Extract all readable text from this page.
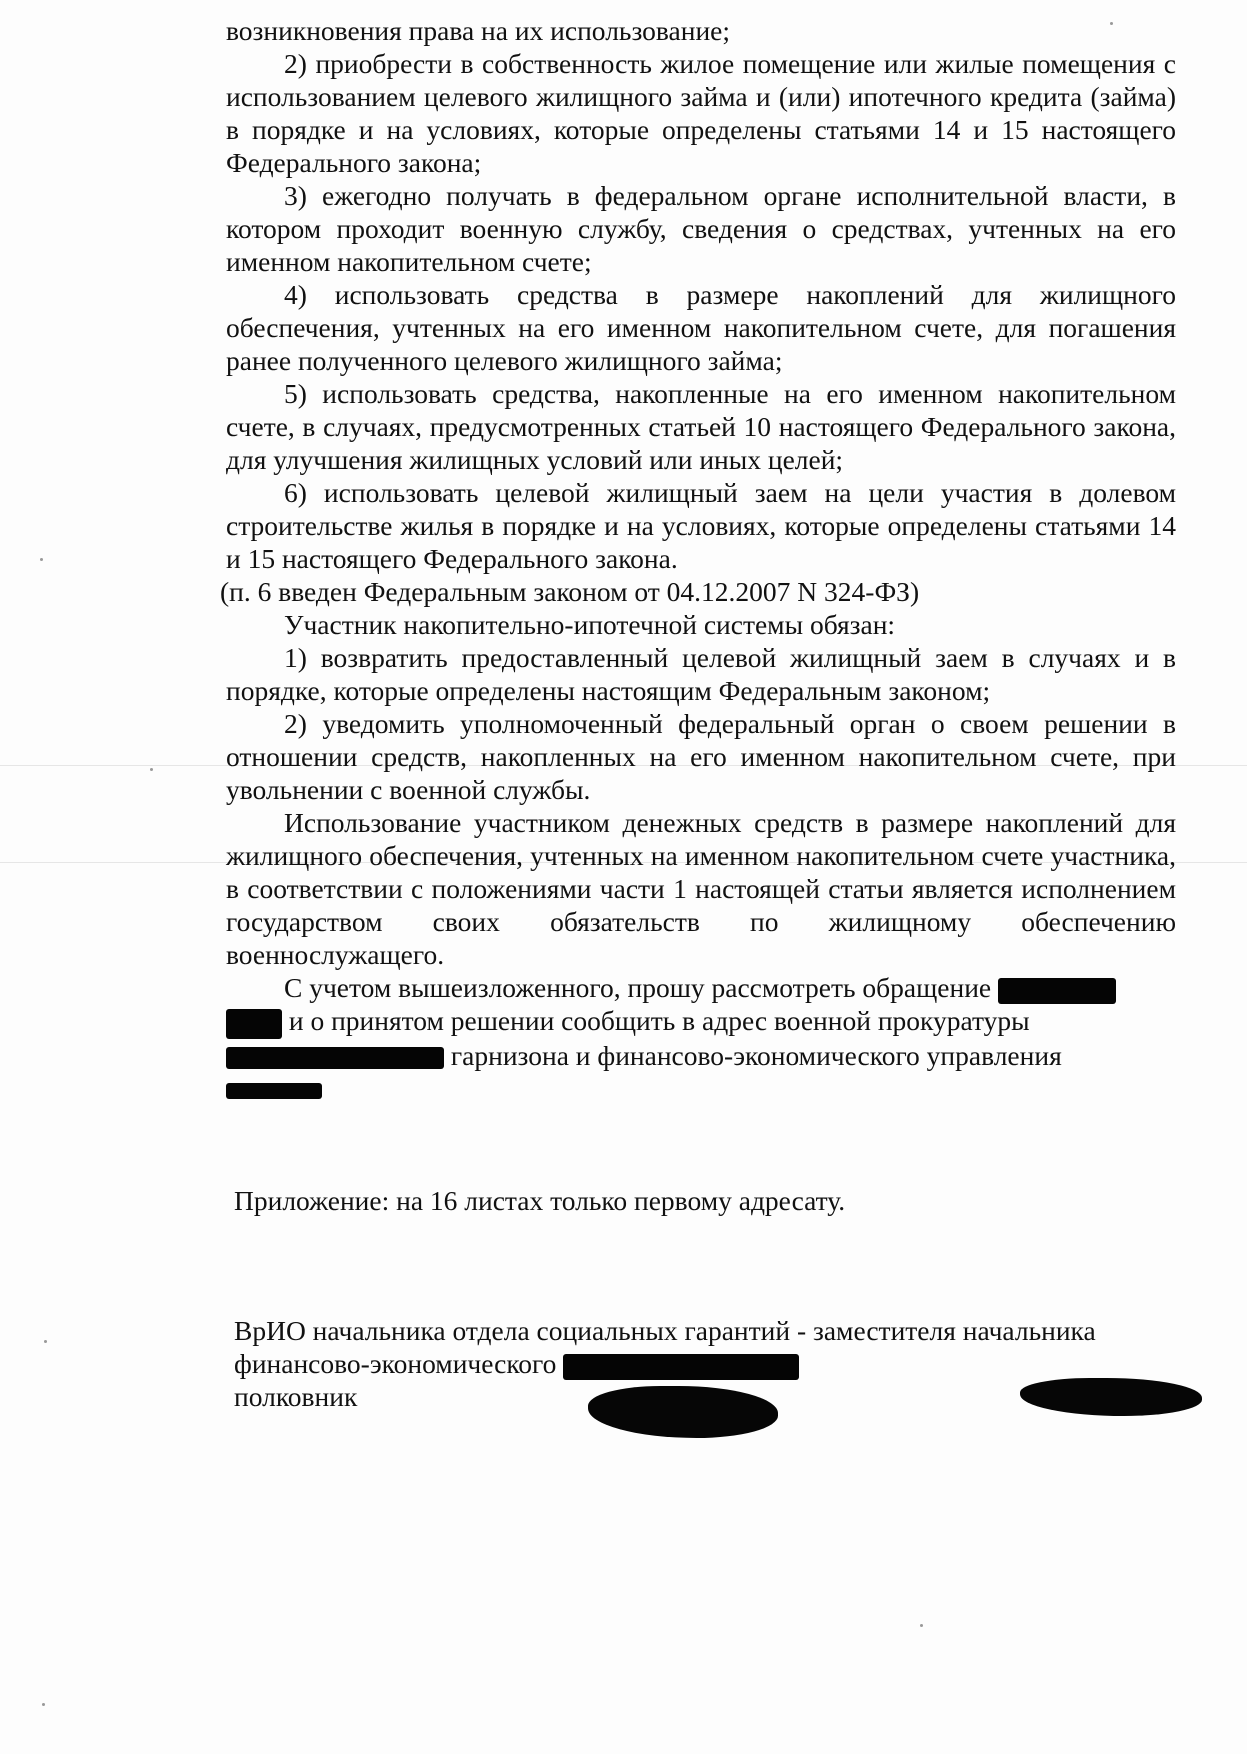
возникновения права на их использование;

2) приобрести в собственность жилое помещение или жилые помещения с использованием целевого жилищного займа и (или) ипотечного кредита (займа) в порядке и на условиях, которые определены статьями 14 и 15 настоящего Федерального закона;

3) ежегодно получать в федеральном органе исполнительной власти, в котором проходит военную службу, сведения о средствах, учтенных на его именном накопительном счете;

4) использовать средства в размере накоплений для жилищного обеспечения, учтенных на его именном накопительном счете, для погашения ранее полученного целевого жилищного займа;

5) использовать средства, накопленные на его именном накопительном счете, в случаях, предусмотренных статьей 10 настоящего Федерального закона, для улучшения жилищных условий или иных целей;

6) использовать целевой жилищный заем на цели участия в долевом строительстве жилья в порядке и на условиях, которые определены статьями 14 и 15 настоящего Федерального закона.

(п. 6 введен Федеральным законом от 04.12.2007 N 324-ФЗ)

Участник накопительно-ипотечной системы обязан:

1) возвратить предоставленный целевой жилищный заем в случаях и в порядке, которые определены настоящим Федеральным законом;

2) уведомить уполномоченный федеральный орган о своем решении в отношении средств, накопленных на его именном накопительном счете, при увольнении с военной службы.

Использование участником денежных средств в размере накоплений для жилищного обеспечения, учтенных на именном накопительном счете участника, в соответствии с положениями части 1 настоящей статьи является исполнением государством своих обязательств по жилищному обеспечению военнослужащего.

С учетом вышеизложенного, прошу рассмотреть обращение

и о принятом решении сообщить в адрес военной прокуратуры

гарнизона и финансово-экономического управления

Приложение: на 16 листах только первому адресату.
ВрИО начальника отдела социальных гарантий - заместителя начальника
финансово-экономического
полковник
